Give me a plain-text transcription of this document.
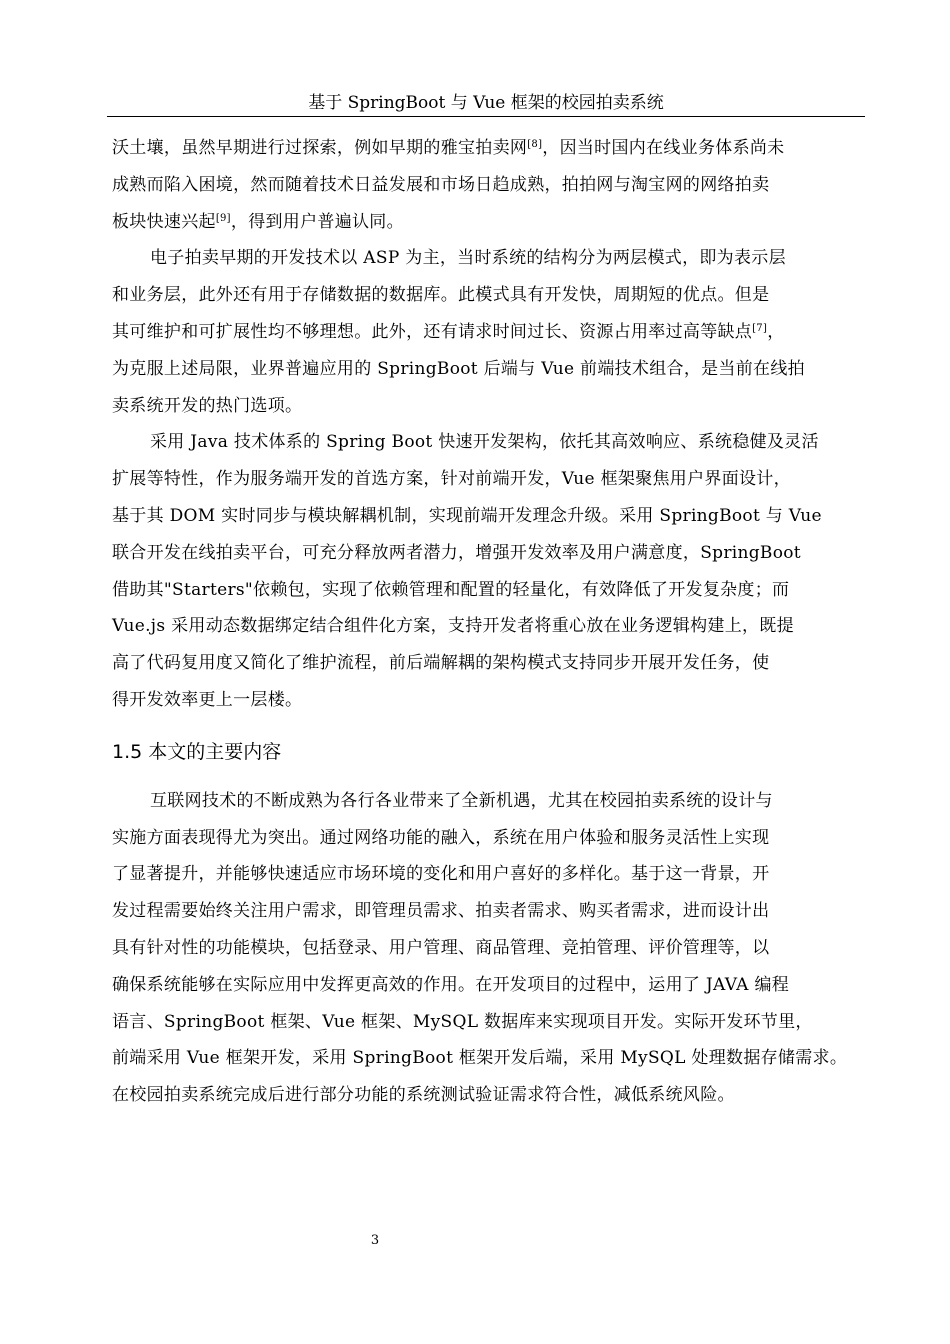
基于 SpringBoot 与 Vue 框架的校园拍卖系统

沃土壤，虽然早期进行过探索，例如早期的雅宝拍卖网[8]，因当时国内在线业务体系尚未
成熟而陷入困境，然而随着技术日益发展和市场日趋成熟，拍拍网与淘宝网的网络拍卖
板块快速兴起[9]，得到用户普遍认同。

电子拍卖早期的开发技术以 ASP 为主，当时系统的结构分为两层模式，即为表示层
和业务层，此外还有用于存储数据的数据库。此模式具有开发快，周期短的优点。但是
其可维护和可扩展性均不够理想。此外，还有请求时间过长、资源占用率过高等缺点[7]，
为克服上述局限，业界普遍应用的 SpringBoot 后端与 Vue 前端技术组合，是当前在线拍
卖系统开发的热门选项。

采用 Java 技术体系的 Spring Boot 快速开发架构，依托其高效响应、系统稳健及灵活
扩展等特性，作为服务端开发的首选方案，针对前端开发，Vue 框架聚焦用户界面设计，
基于其 DOM 实时同步与模块解耦机制，实现前端开发理念升级。采用 SpringBoot 与 Vue
联合开发在线拍卖平台，可充分释放两者潜力，增强开发效率及用户满意度，SpringBoot
借助其"Starters"依赖包，实现了依赖管理和配置的轻量化，有效降低了开发复杂度；而
Vue.js 采用动态数据绑定结合组件化方案，支持开发者将重心放在业务逻辑构建上，既提
高了代码复用度又简化了维护流程，前后端解耦的架构模式支持同步开展开发任务，使
得开发效率更上一层楼。

1.5 本文的主要内容

互联网技术的不断成熟为各行各业带来了全新机遇，尤其在校园拍卖系统的设计与
实施方面表现得尤为突出。通过网络功能的融入，系统在用户体验和服务灵活性上实现
了显著提升，并能够快速适应市场环境的变化和用户喜好的多样化。基于这一背景，开
发过程需要始终关注用户需求，即管理员需求、拍卖者需求、购买者需求，进而设计出
具有针对性的功能模块，包括登录、用户管理、商品管理、竞拍管理、评价管理等，以
确保系统能够在实际应用中发挥更高效的作用。在开发项目的过程中，运用了 JAVA 编程
语言、SpringBoot 框架、Vue 框架、MySQL 数据库来实现项目开发。实际开发环节里，
前端采用 Vue 框架开发，采用 SpringBoot 框架开发后端，采用 MySQL 处理数据存储需求。
在校园拍卖系统完成后进行部分功能的系统测试验证需求符合性，减低系统风险。

3
